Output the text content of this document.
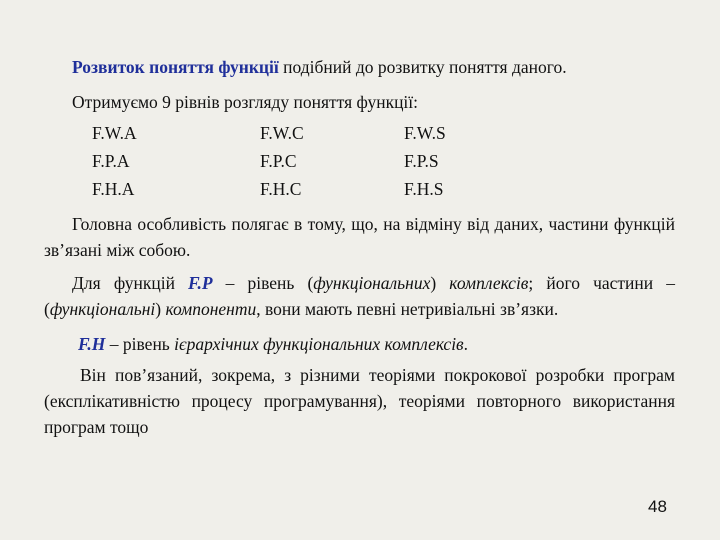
Розвиток поняття функції подібний до розвитку поняття даного.

Отримуємо 9 рівнів розгляду поняття функції:

F.W.A	F.W.C	F.W.S
F.P.A	F.P.C	F.P.S
F.H.A	F.H.C	F.H.S

Головна особливість полягає в тому, що, на відміну від даних, частини функцій зв’язані між собою.

Для функцій F.P – рівень (функціональних) комплексів; його частини – (функціональні) компоненти, вони мають певні нетривіальні зв’язки.

F.H – рівень ієрархічних функціональних комплексів.

Він пов’язаний, зокрема, з різними теоріями покрокової розробки програм (експлікативністю процесу програмування), теоріями повторного використання програм тощо

48
